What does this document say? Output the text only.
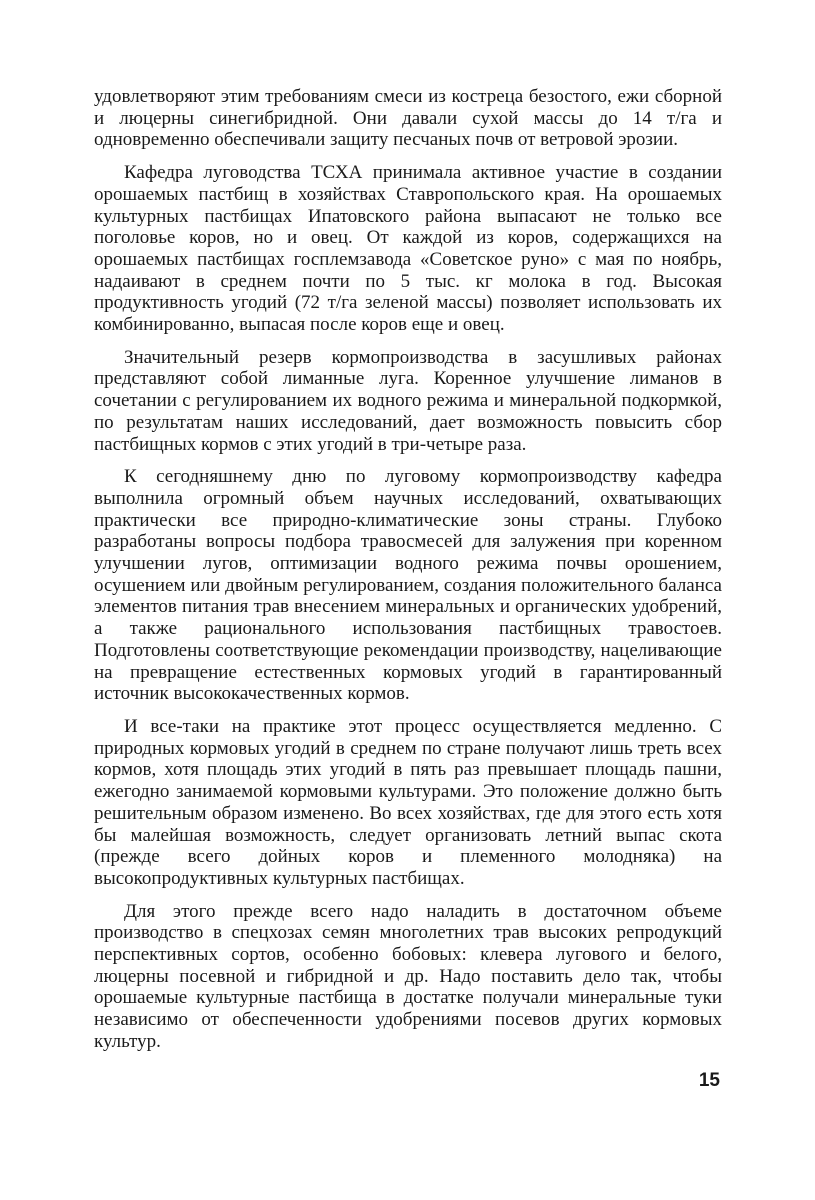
удовлетворяют этим требованиям смеси из костреца безостого, ежи сборной и люцерны синегибридной. Они давали сухой массы до 14 т/га и одновременно обеспечивали защиту песчаных почв от ветровой эрозии.

Кафедра луговодства ТСХА принимала активное участие в создании орошаемых пастбищ в хозяйствах Ставропольского края. На орошаемых культурных пастбищах Ипатовского района выпасают не только все поголовье коров, но и овец. От каждой из коров, содержащихся на орошаемых пастбищах госплемзавода «Советское руно» с мая по ноябрь, надаивают в среднем почти по 5 тыс. кг молока в год. Высокая продуктивность угодий (72 т/га зеленой массы) позволяет использовать их комбинированно, выпасая после коров еще и овец.

Значительный резерв кормопроизводства в засушливых районах представляют собой лиманные луга. Коренное улучшение лиманов в сочетании с регулированием их водного режима и минеральной подкормкой, по результатам наших исследований, дает возможность повысить сбор пастбищных кормов с этих угодий в три-четыре раза.

К сегодняшнему дню по луговому кормопроизводству кафедра выполнила огромный объем научных исследований, охватывающих практически все природно-климатические зоны страны. Глубоко разработаны вопросы подбора травосмесей для залужения при коренном улучшении лугов, оптимизации водного режима почвы орошением, осушением или двойным регулированием, создания положительного баланса элементов питания трав внесением минеральных и органических удобрений, а также рационального использования пастбищных травостоев. Подготовлены соответствующие рекомендации производству, нацеливающие на превращение естественных кормовых угодий в гарантированный источник высококачественных кормов.

И все-таки на практике этот процесс осуществляется медленно. С природных кормовых угодий в среднем по стране получают лишь треть всех кормов, хотя площадь этих угодий в пять раз превышает площадь пашни, ежегодно занимаемой кормовыми культурами. Это положение должно быть решительным образом изменено. Во всех хозяйствах, где для этого есть хотя бы малейшая возможность, следует организовать летний выпас скота (прежде всего дойных коров и племенного молодняка) на высокопродуктивных культурных пастбищах.

Для этого прежде всего надо наладить в достаточном объеме производство в спецхозах семян многолетних трав высоких репродукций перспективных сортов, особенно бобовых: клевера лугового и белого, люцерны посевной и гибридной и др. Надо поставить дело так, чтобы орошаемые культурные пастбища в достатке получали минеральные туки независимо от обеспеченности удобрениями посевов других кормовых культур.

15
